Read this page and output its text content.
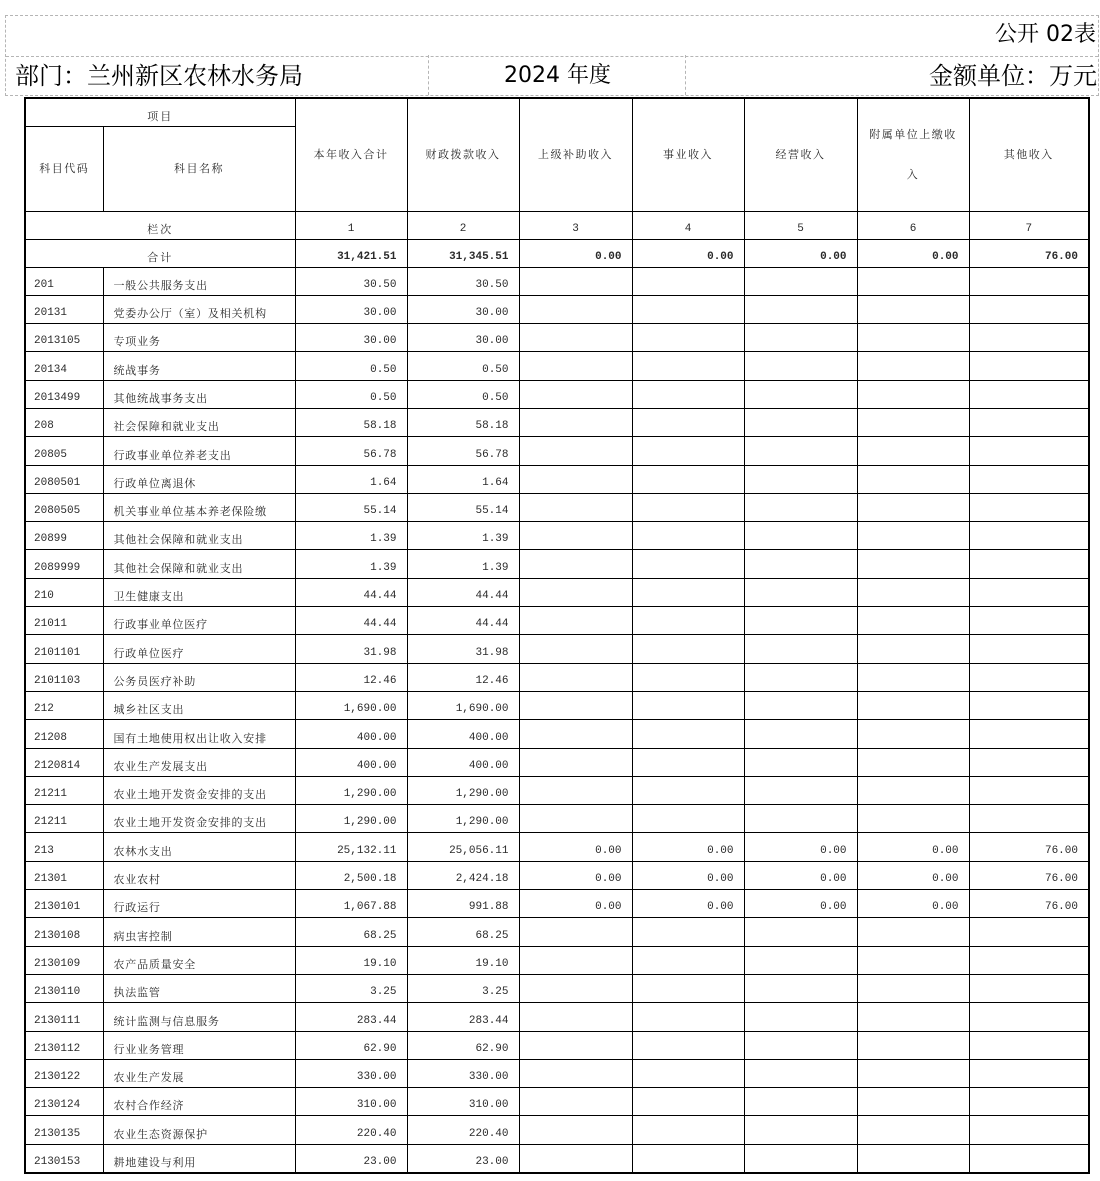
公开 02表
部门：兰州新区农林水务局	2024 年度	金额单位：万元
项目		本年收入合计	财政拨款收入	上级补助收入	事业收入	经营收入	附属单位上缴收入	其他收入
科目代码	科目名称							
栏次		1	2	3	4	5	6	7
合计		31,421.51	31,345.51	0.00	0.00	0.00	0.00	76.00
201	一般公共服务支出	30.50	30.50					
20131	党委办公厅（室）及相关机构	30.00	30.00					
2013105	专项业务	30.00	30.00					
20134	统战事务	0.50	0.50					
2013499	其他统战事务支出	0.50	0.50					
208	社会保障和就业支出	58.18	58.18					
20805	行政事业单位养老支出	56.78	56.78					
2080501	行政单位离退休	1.64	1.64					
2080505	机关事业单位基本养老保险缴	55.14	55.14					
20899	其他社会保障和就业支出	1.39	1.39					
2089999	其他社会保障和就业支出	1.39	1.39					
210	卫生健康支出	44.44	44.44					
21011	行政事业单位医疗	44.44	44.44					
2101101	行政单位医疗	31.98	31.98					
2101103	公务员医疗补助	12.46	12.46					
212	城乡社区支出	1,690.00	1,690.00					
21208	国有土地使用权出让收入安排	400.00	400.00					
2120814	农业生产发展支出	400.00	400.00					
21211	农业土地开发资金安排的支出	1,290.00	1,290.00					
21211	农业土地开发资金安排的支出	1,290.00	1,290.00					
213	农林水支出	25,132.11	25,056.11	0.00	0.00	0.00	0.00	76.00
21301	农业农村	2,500.18	2,424.18	0.00	0.00	0.00	0.00	76.00
2130101	行政运行	1,067.88	991.88	0.00	0.00	0.00	0.00	76.00
2130108	病虫害控制	68.25	68.25					
2130109	农产品质量安全	19.10	19.10					
2130110	执法监管	3.25	3.25					
2130111	统计监测与信息服务	283.44	283.44					
2130112	行业业务管理	62.90	62.90					
2130122	农业生产发展	330.00	330.00					
2130124	农村合作经济	310.00	310.00					
2130135	农业生态资源保护	220.40	220.40					
2130153	耕地建设与利用	23.00	23.00					
